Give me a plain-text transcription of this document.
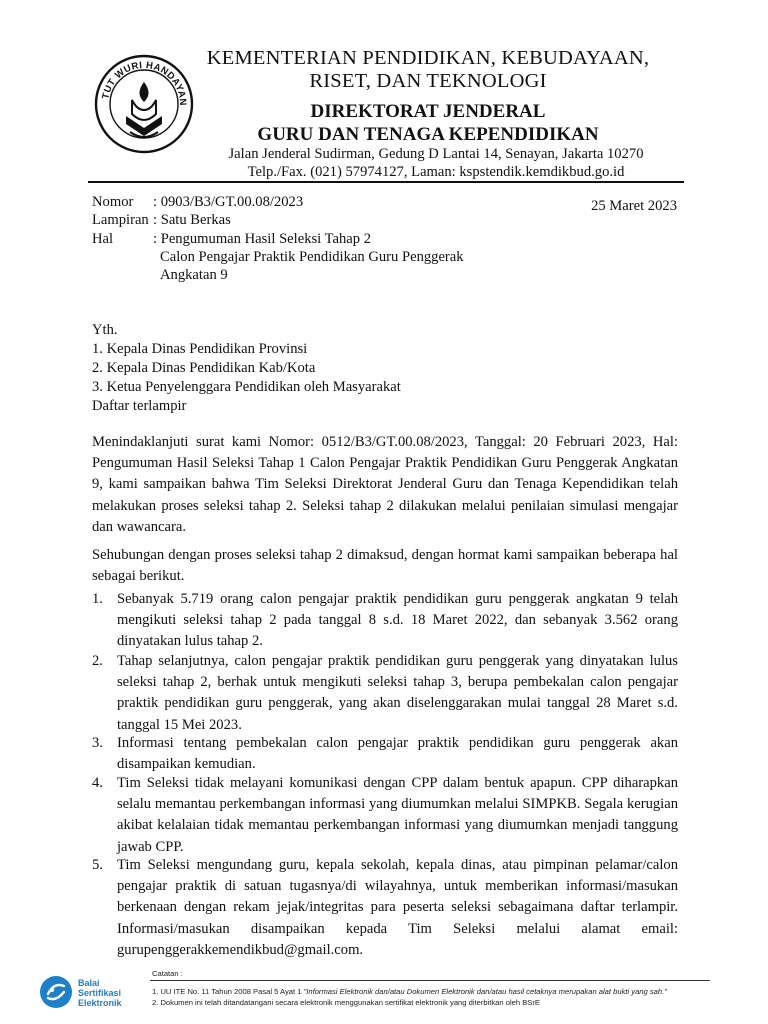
TUT WURI HANDAYAN
KEMENTERIAN PENDIDIKAN, KEBUDAYAAN,
RISET, DAN TEKNOLOGI
DIREKTORAT JENDERAL
GURU DAN TENAGA KEPENDIDIKAN
Jalan Jenderal Sudirman, Gedung D Lantai 14, Senayan, Jakarta 10270
Telp./Fax. (021) 57974127, Laman: kspstendik.kemdikbud.go.id
Nomor : 0903/B3/GT.00.08/2023
Lampiran : Satu Berkas
Hal	: Pengumuman Hasil Seleksi Tahap 2
Calon Pengajar Praktik Pendidikan Guru Penggerak
Angkatan 9
25 Maret 2023
Yth.
1. Kepala Dinas Pendidikan Provinsi
2. Kepala Dinas Pendidikan Kab/Kota
3. Ketua Penyelenggara Pendidikan oleh Masyarakat
Daftar terlampir
Menindaklanjuti surat kami Nomor: 0512/B3/GT.00.08/2023, Tanggal: 20 Februari 2023, Hal: Pengumuman Hasil Seleksi Tahap 1 Calon Pengajar Praktik Pendidikan Guru Penggerak Angkatan 9, kami sampaikan bahwa Tim Seleksi Direktorat Jenderal Guru dan Tenaga Kependidikan telah melakukan proses seleksi tahap 2. Seleksi tahap 2 dilakukan melalui penilaian simulasi mengajar dan wawancara.
Sehubungan dengan proses seleksi tahap 2 dimaksud, dengan hormat kami sampaikan beberapa hal sebagai berikut.
1. Sebanyak 5.719 orang calon pengajar praktik pendidikan guru penggerak angkatan 9 telah mengikuti seleksi tahap 2 pada tanggal 8 s.d. 18 Maret 2022, dan sebanyak 3.562 orang dinyatakan lulus tahap 2.
2. Tahap selanjutnya, calon pengajar praktik pendidikan guru penggerak yang dinyatakan lulus seleksi tahap 2, berhak untuk mengikuti seleksi tahap 3, berupa pembekalan calon pengajar praktik pendidikan guru penggerak, yang akan diselenggarakan mulai tanggal 28 Maret s.d. tanggal 15 Mei 2023.
3. Informasi tentang pembekalan calon pengajar praktik pendidikan guru penggerak akan disampaikan kemudian.
4. Tim Seleksi tidak melayani komunikasi dengan CPP dalam bentuk apapun. CPP diharapkan selalu memantau perkembangan informasi yang diumumkan melalui SIMPKB. Segala kerugian akibat kelalaian tidak memantau perkembangan informasi yang diumumkan menjadi tanggung jawab CPP.
5. Tim Seleksi mengundang guru, kepala sekolah, kepala dinas, atau pimpinan pelamar/calon pengajar praktik di satuan tugasnya/di wilayahnya, untuk memberikan informasi/masukan berkenaan dengan rekam jejak/integritas para peserta seleksi sebagaimana daftar terlampir. Informasi/masukan disampaikan kepada Tim Seleksi melalui alamat email: gurupenggerakkemendikbud@gmail.com.
Balai
Sertifikasi
Elektronik
Catatan :
1. UU ITE No. 11 Tahun 2008 Pasal 5 Ayat 1 "Informasi Elektronik dan/atau Dokumen Elektronik dan/atau hasil cetaknya merupakan alat bukti yang sah."
2. Dokumen ini telah ditandatangani secara elektronik menggunakan sertifikat elektronik yang diterbitkan oleh BSrE
